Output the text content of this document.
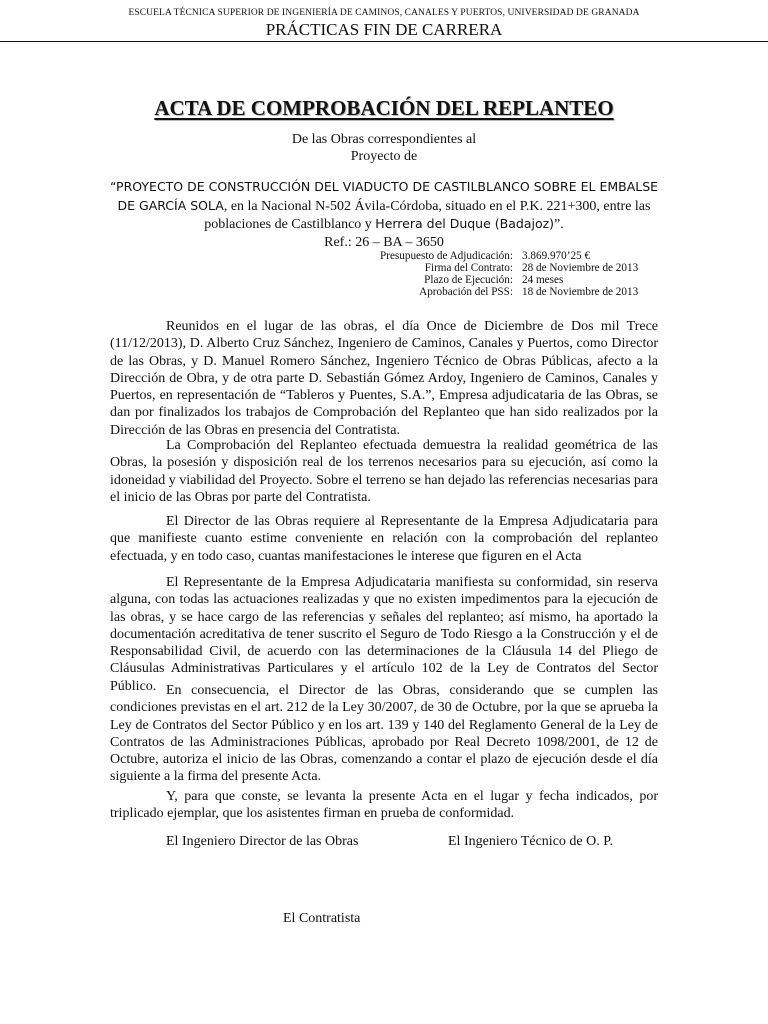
ESCUELA TÉCNICA SUPERIOR DE INGENIERÍA DE CAMINOS, CANALES Y PUERTOS, UNIVERSIDAD DE GRANADA
PRÁCTICAS FIN DE CARRERA
ACTA DE COMPROBACIÓN DEL REPLANTEO
De las Obras correspondientes al
Proyecto de
“PROYECTO DE CONSTRUCCIÓN DEL VIADUCTO DE CASTILBLANCO SOBRE EL EMBALSE DE GARCÍA SOLA, en la Nacional N-502 Ávila-Córdoba, situado en el P.K. 221+300, entre las poblaciones de Castilblanco y Herrera del Duque (Badajoz)”.
Ref.: 26 – BA – 3650
Presupuesto de Adjudicación:	3.869.970’25 €
Firma del Contrato:	28 de Noviembre de 2013
Plazo de Ejecución:	24 meses
Aprobación del PSS:	18 de Noviembre de 2013

Reunidos en el lugar de las obras, el día Once de Diciembre de Dos mil Trece (11/12/2013), D. Alberto Cruz Sánchez, Ingeniero de Caminos, Canales y Puertos, como Director de las Obras, y D. Manuel Romero Sánchez, Ingeniero Técnico de Obras Públicas, afecto a la Dirección de Obra, y de otra parte D. Sebastián Gómez Ardoy, Ingeniero de Caminos, Canales y Puertos, en representación de “Tableros y Puentes, S.A.”, Empresa adjudicataria de las Obras, se dan por finalizados los trabajos de Comprobación del Replanteo que han sido realizados por la Dirección de las Obras en presencia del Contratista.

La Comprobación del Replanteo efectuada demuestra la realidad geométrica de las Obras, la posesión y disposición real de los terrenos necesarios para su ejecución, así como la idoneidad y viabilidad del Proyecto. Sobre el terreno se han dejado las referencias necesarias para el inicio de las Obras por parte del Contratista.

El Director de las Obras requiere al Representante de la Empresa Adjudicataria para que manifieste cuanto estime conveniente en relación con la comprobación del replanteo efectuada, y en todo caso, cuantas manifestaciones le interese que figuren en el Acta

El Representante de la Empresa Adjudicataria manifiesta su conformidad, sin reserva alguna, con todas las actuaciones realizadas y que no existen impedimentos para la ejecución de las obras, y se hace cargo de las referencias y señales del replanteo; así mismo, ha aportado la documentación acreditativa de tener suscrito el Seguro de Todo Riesgo a la Construcción y el de Responsabilidad Civil, de acuerdo con las determinaciones de la Cláusula 14 del Pliego de Cláusulas Administrativas Particulares y el artículo 102 de la Ley de Contratos del Sector Público. En consecuencia, el Director de las Obras, considerando que se cumplen las condiciones previstas en el art. 212 de la Ley 30/2007, de 30 de Octubre, por la que se aprueba la Ley de Contratos del Sector Público y en los art. 139 y 140 del Reglamento General de la Ley de Contratos de las Administraciones Públicas, aprobado por Real Decreto 1098/2001, de 12 de Octubre, autoriza el inicio de las Obras, comenzando a contar el plazo de ejecución desde el día siguiente a la firma del presente Acta.

Y, para que conste, se levanta la presente Acta en el lugar y fecha indicados, por triplicado ejemplar, que los asistentes firman en prueba de conformidad.

El Ingeniero Director de las Obras	El Ingeniero Técnico de O. P.
El Contratista
